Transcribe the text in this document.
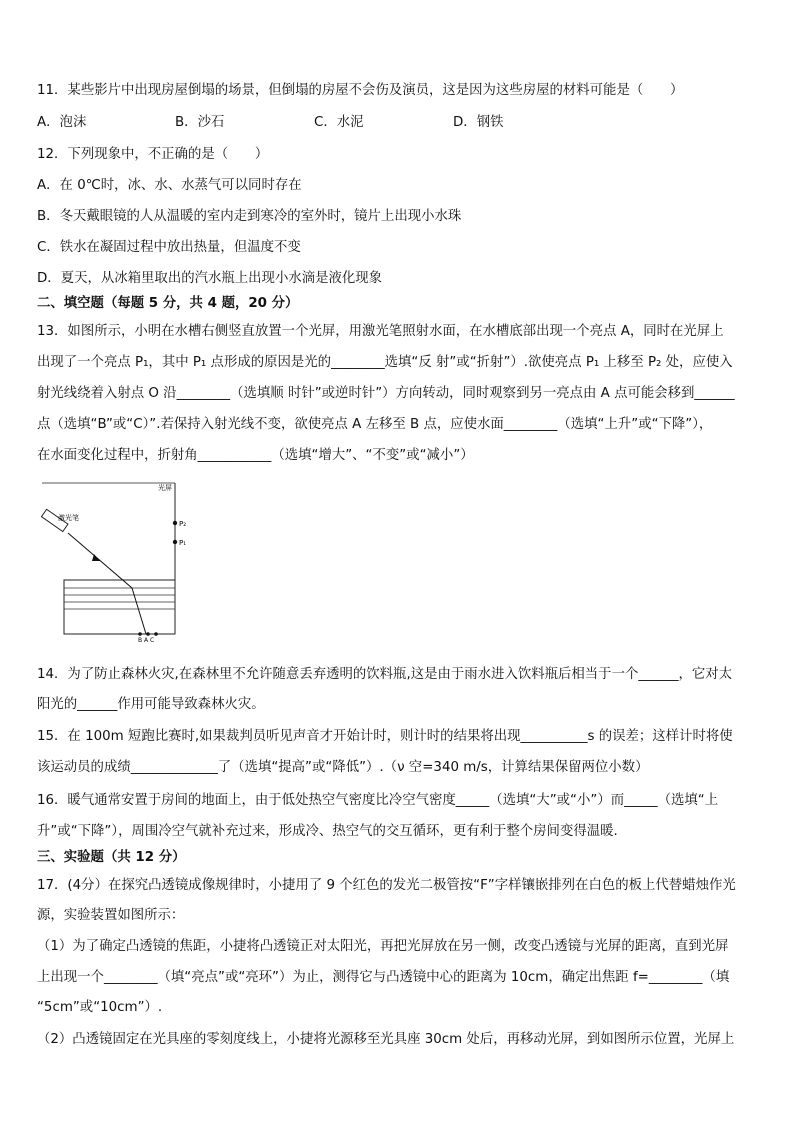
11．某些影片中出现房屋倒塌的场景，但倒塌的房屋不会伤及演员，这是因为这些房屋的材料可能是（　　）
A．泡沫	B．沙石	C．水泥	D．钢铁
12．下列现象中，不正确的是（　　）
A．在 0℃时，冰、水、水蒸气可以同时存在
B．冬天戴眼镜的人从温暖的室内走到寒冷的室外时，镜片上出现小水珠
C．铁水在凝固过程中放出热量，但温度不变
D．夏天，从冰箱里取出的汽水瓶上出现小水滴是液化现象
二、填空题（每题 5 分，共 4 题，20 分）
13．如图所示，小明在水槽右侧竖直放置一个光屏，用激光笔照射水面，在水槽底部出现一个亮点 A，同时在光屏上
出现了一个亮点 P₁，其中 P₁ 点形成的原因是光的________选填“反 射”或“折射”）.欲使亮点 P₁ 上移至 P₂ 处，应使入
射光线绕着入射点 O 沿________（选填顺 时针”或逆时针”）方向转动，同时观察到另一亮点由 A 点可能会移到______
点（选填“B”或“C）”.若保持入射光线不变，欲使亮点 A 左移至 B 点，应使水面________（选填“上升”或“下降”），
在水面变化过程中，折射角___________（选填“增大”、“不变”或“减小”）
光屏
激光笔
P₂
P₁
B A C
14．为了防止森林火灾,在森林里不允许随意丢弃透明的饮料瓶,这是由于雨水进入饮料瓶后相当于一个______，它对太
阳光的______作用可能导致森林火灾。
15．在 100m 短跑比赛时,如果裁判员听见声音才开始计时，则计时的结果将出现__________s 的误差；这样计时将使
该运动员的成绩_____________了（选填“提高”或“降低”）.（ν 空=340 m/s，计算结果保留两位小数）
16．暖气通常安置于房间的地面上，由于低处热空气密度比冷空气密度_____（选填“大”或“小”）而_____（选填“上
升”或“下降”），周围冷空气就补充过来，形成冷、热空气的交互循环，更有利于整个房间变得温暖.
三、实验题（共 12 分）
17．(4分）在探究凸透镜成像规律时，小捷用了 9 个红色的发光二极管按“F”字样镶嵌排列在白色的板上代替蜡烛作光
源，实验装置如图所示：
（1）为了确定凸透镜的焦距，小捷将凸透镜正对太阳光，再把光屏放在另一侧，改变凸透镜与光屏的距离，直到光屏
上出现一个________（填“亮点”或“亮环”）为止，测得它与凸透镜中心的距离为 10cm，确定出焦距 f=________（填
“5cm”或“10cm”）.
（2）凸透镜固定在光具座的零刻度线上，小捷将光源移至光具座 30cm 处后，再移动光屏，到如图所示位置，光屏上
